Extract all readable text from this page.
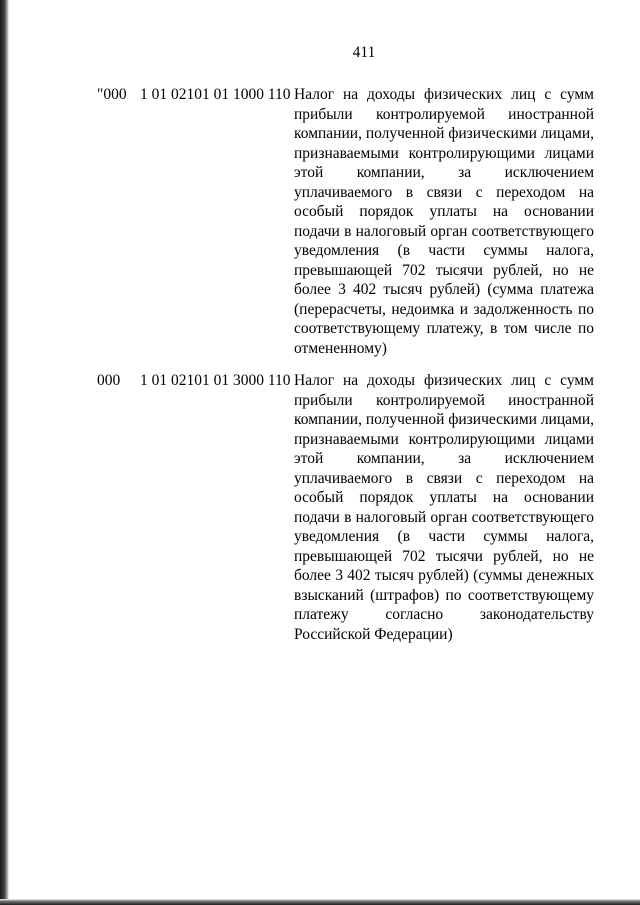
411
"000 1 01 02101 01 1000 110 Налог на доходы физических лиц с сумм прибыли контролируемой иностранной компании, полученной физическими лицами, признаваемыми контролирующими лицами этой компании, за исключением уплачиваемого в связи с переходом на особый порядок уплаты на основании подачи в налоговый орган соответствующего уведомления (в части суммы налога, превышающей 702 тысячи рублей, но не более 3 402 тысяч рублей) (сумма платежа (перерасчеты, недоимка и задолженность по соответствующему платежу, в том числе по отмененному)
000 1 01 02101 01 3000 110 Налог на доходы физических лиц с сумм прибыли контролируемой иностранной компании, полученной физическими лицами, признаваемыми контролирующими лицами этой компании, за исключением уплачиваемого в связи с переходом на особый порядок уплаты на основании подачи в налоговый орган соответствующего уведомления (в части суммы налога, превышающей 702 тысячи рублей, но не более 3 402 тысяч рублей) (суммы денежных взысканий (штрафов) по соответствующему платежу согласно законодательству Российской Федерации)
